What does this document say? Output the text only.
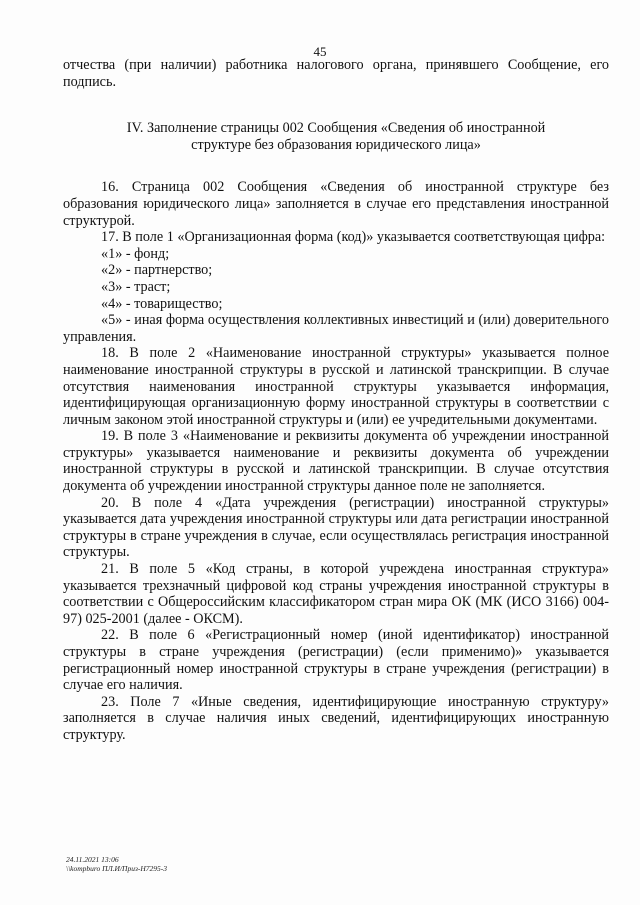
45

отчества (при наличии) работника налогового органа, принявшего Сообщение, его подпись.

IV. Заполнение страницы 002 Сообщения «Сведения об иностранной
структуре без образования юридического лица»

16. Страница 002 Сообщения «Сведения об иностранной структуре без образования юридического лица» заполняется в случае его представления иностранной структурой.

17. В поле 1 «Организационная форма (код)» указывается соответствующая цифра:

«1» - фонд;
«2» - партнерство;
«3» - траст;
«4» - товарищество;

«5» - иная форма осуществления коллективных инвестиций и (или) доверительного управления.

18. В поле 2 «Наименование иностранной структуры» указывается полное наименование иностранной структуры в русской и латинской транскрипции. В случае отсутствия наименования иностранной структуры указывается информация, идентифицирующая организационную форму иностранной структуры в соответствии с личным законом этой иностранной структуры и (или) ее учредительными документами.

19. В поле 3 «Наименование и реквизиты документа об учреждении иностранной структуры» указывается наименование и реквизиты документа об учреждении иностранной структуры в русской и латинской транскрипции. В случае отсутствия документа об учреждении иностранной структуры данное поле не заполняется.

20. В поле 4 «Дата учреждения (регистрации) иностранной структуры» указывается дата учреждения иностранной структуры или дата регистрации иностранной структуры в стране учреждения в случае, если осуществлялась регистрация иностранной структуры.

21. В поле 5 «Код страны, в которой учреждена иностранная структура» указывается трехзначный цифровой код страны учреждения иностранной структуры в соответствии с Общероссийским классификатором стран мира ОК (МК (ИСО 3166) 004-97) 025-2001 (далее - ОКСМ).

22. В поле 6 «Регистрационный номер (иной идентификатор) иностранной структуры в стране учреждения (регистрации) (если применимо)» указывается регистрационный номер иностранной структуры в стране учреждения (регистрации) в случае его наличия.

23. Поле 7 «Иные сведения, идентифицирующие иностранную структуру» заполняется в случае наличия иных сведений, идентифицирующих иностранную структуру.

24.11.2021 13:06
\\kompburo ПЛ.И/Приз-Н7295-3
